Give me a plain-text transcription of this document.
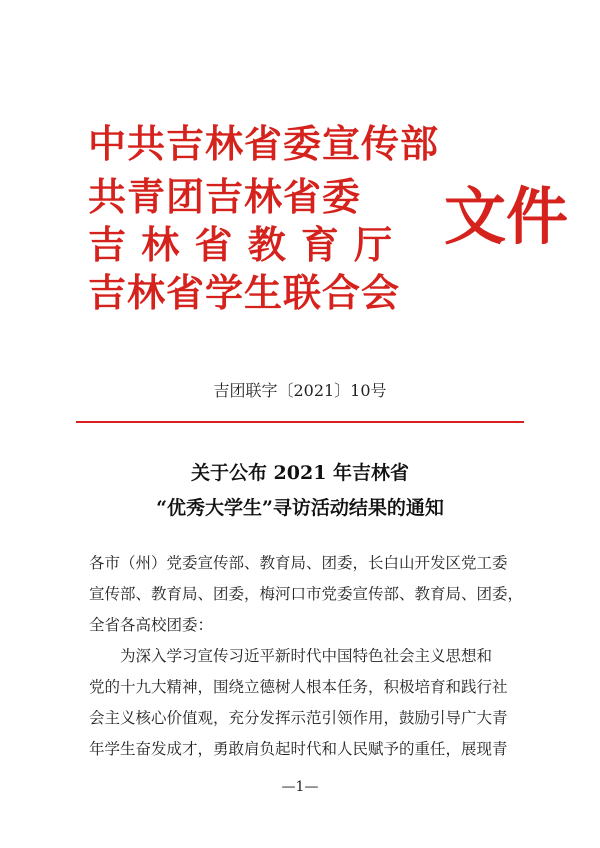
中共吉林省委宣传部
共青团吉林省委
吉 林 省 教 育 厅
吉林省学生联合会
文件
吉团联字〔2021〕10号
关于公布 2021 年吉林省
“优秀大学生”寻访活动结果的通知
各市（州）党委宣传部、教育局、团委，长白山开发区党工委
宣传部、教育局、团委，梅河口市党委宣传部、教育局、团委，
全省各高校团委：
　　为深入学习宣传习近平新时代中国特色社会主义思想和
党的十九大精神，围绕立德树人根本任务，积极培育和践行社
会主义核心价值观，充分发挥示范引领作用，鼓励引导广大青
年学生奋发成才，勇敢肩负起时代和人民赋予的重任，展现青
—1—
